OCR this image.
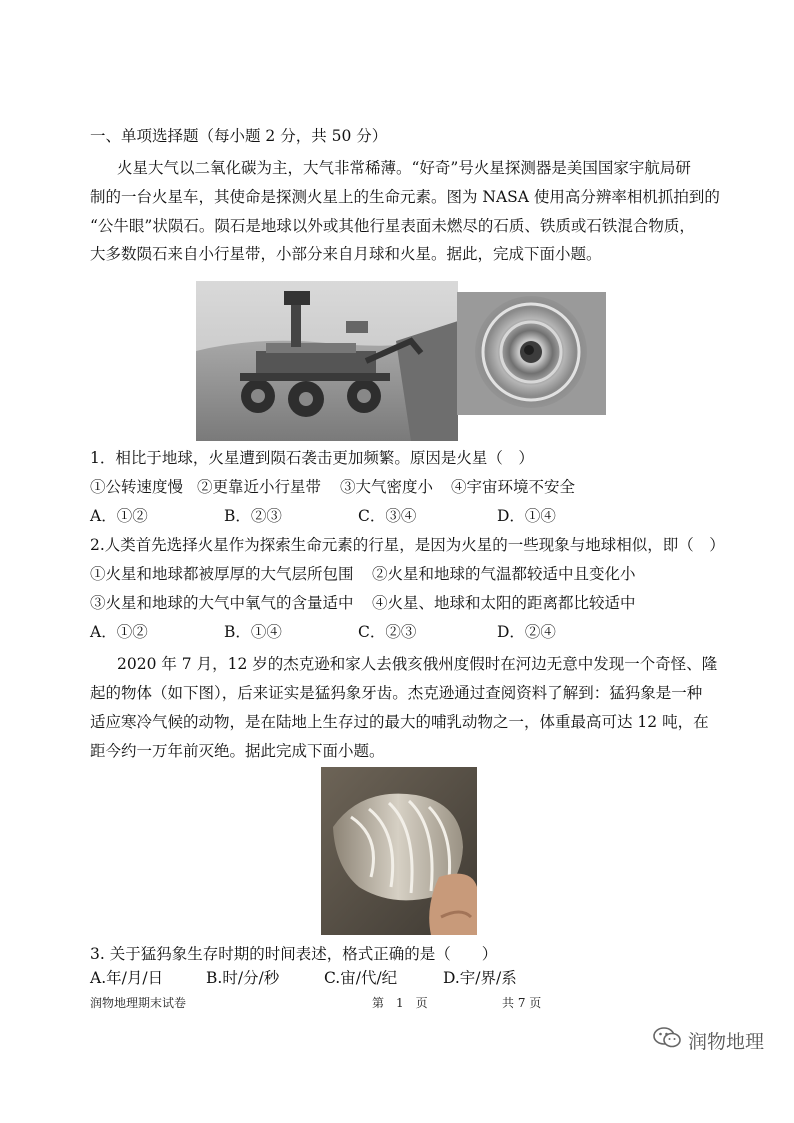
一、单项选择题（每小题 2 分，共 50 分）
火星大气以二氧化碳为主，大气非常稀薄。“好奇”号火星探测器是美国国家宇航局研
制的一台火星车，其使命是探测火星上的生命元素。图为 NASA 使用高分辨率相机抓拍到的
“公牛眼”状陨石。陨石是地球以外或其他行星表面未燃尽的石质、铁质或石铁混合物质，
大多数陨石来自小行星带，小部分来自月球和火星。据此，完成下面小题。
1．相比于地球，火星遭到陨石袭击更加频繁。原因是火星（　）
①公转速度慢 ②更靠近小行星带 ③大气密度小 ④宇宙环境不安全
A．①②	B．②③	C．③④	D．①④
2.人类首先选择火星作为探索生命元素的行星，是因为火星的一些现象与地球相似，即（　）
①火星和地球都被厚厚的大气层所包围 ②火星和地球的气温都较适中且变化小
③火星和地球的大气中氧气的含量适中 ④火星、地球和太阳的距离都比较适中
A．①②	B．①④	C．②③	D．②④
2020 年 7 月，12 岁的杰克逊和家人去俄亥俄州度假时在河边无意中发现一个奇怪、隆
起的物体（如下图），后来证实是猛犸象牙齿。杰克逊通过查阅资料了解到：猛犸象是一种
适应寒冷气候的动物，是在陆地上生存过的最大的哺乳动物之一，体重最高可达 12 吨，在
距今约一万年前灭绝。据此完成下面小题。
3. 关于猛犸象生存时期的时间表述，格式正确的是（　　）
A.年/月/日	B.时/分/秒	C.宙/代/纪	D.宇/界/系
润物地理期末试卷	第　1　页	共 7 页
润物地理
